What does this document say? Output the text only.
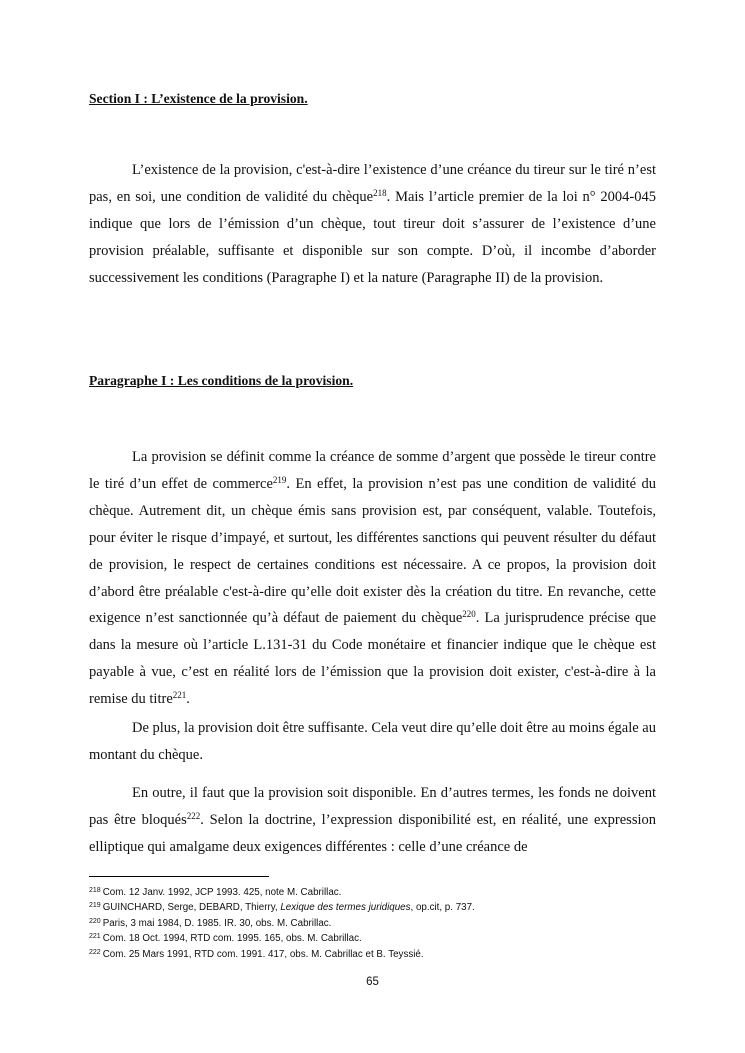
Section I : L’existence de la provision.

L’existence de la provision, c'est-à-dire l’existence d’une créance du tireur sur le tiré n’est pas, en soi, une condition de validité du chèque$^{218}$. Mais l’article premier de la loi n° 2004-045 indique que lors de l’émission d’un chèque, tout tireur doit s’assurer de l’existence d’une provision préalable, suffisante et disponible sur son compte. D’où, il incombe d’aborder successivement les conditions (Paragraphe I) et la nature (Paragraphe II) de la provision.

Paragraphe I : Les conditions de la provision.

La provision se définit comme la créance de somme d’argent que possède le tireur contre le tiré d’un effet de commerce$^{219}$. En effet, la provision n’est pas une condition de validité du chèque. Autrement dit, un chèque émis sans provision est, par conséquent, valable. Toutefois, pour éviter le risque d’impayé, et surtout, les différentes sanctions qui peuvent résulter du défaut de provision, le respect de certaines conditions est nécessaire. A ce propos, la provision doit d’abord être préalable c'est-à-dire qu’elle doit exister dès la création du titre. En revanche, cette exigence n’est sanctionnée qu’à défaut de paiement du chèque$^{220}$. La jurisprudence précise que dans la mesure où l’article L.131-31 du Code monétaire et financier indique que le chèque est payable à vue, c’est en réalité lors de l’émission que la provision doit exister, c'est-à-dire à la remise du titre$^{221}$.

De plus, la provision doit être suffisante. Cela veut dire qu’elle doit être au moins égale au montant du chèque.

En outre, il faut que la provision soit disponible. En d’autres termes, les fonds ne doivent pas être bloqués$^{222}$. Selon la doctrine, l’expression disponibilité est, en réalité, une expression elliptique qui amalgame deux exigences différentes : celle d’une créance de

$^{218}$ Com. 12 Janv. 1992, JCP 1993. 425, note M. Cabrillac.
$^{219}$ GUINCHARD, Serge, DEBARD, Thierry, Lexique des termes juridiques, op.cit, p. 737.
$^{220}$ Paris, 3 mai 1984, D. 1985. IR. 30, obs. M. Cabrillac.
$^{221}$ Com. 18 Oct. 1994, RTD com. 1995. 165, obs. M. Cabrillac.
$^{222}$ Com. 25 Mars 1991, RTD com. 1991. 417, obs. M. Cabrillac et B. Teyssié.
65
